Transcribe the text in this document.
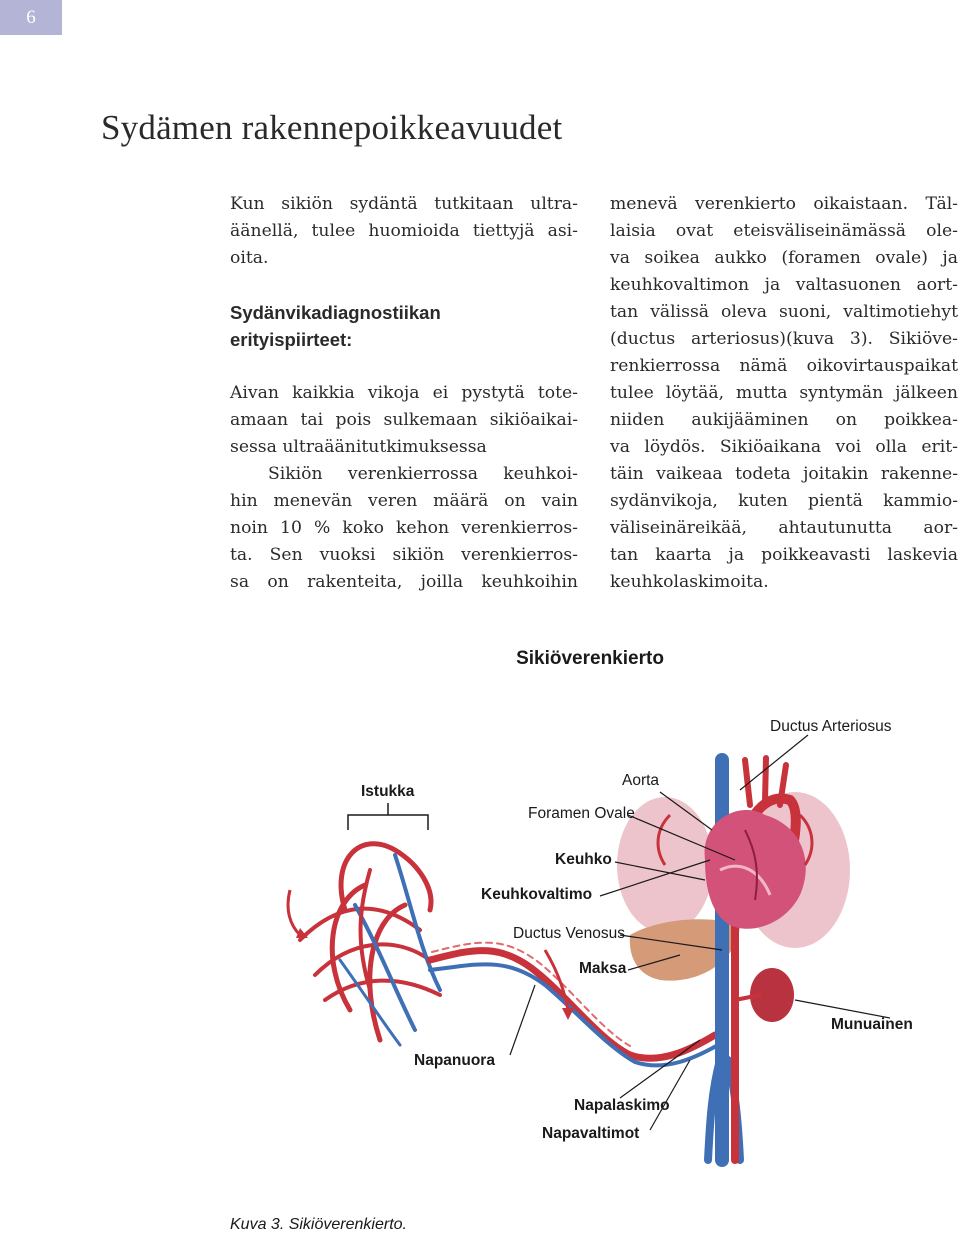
6
Sydämen rakennepoikkeavuudet
Kun sikiön sydäntä tutkitaan ultra-
äänellä, tulee huomioida tiettyjä asi-
oita.
Sydänvikadiagnostiikan
erityispiirteet:
Aivan kaikkia vikoja ei pystytä tote-
amaan tai pois sulkemaan sikiöaikai-
sessa ultraäänitutkimuksessa
Sikiön verenkierrossa keuhkoi-
hin menevän veren määrä on vain
noin 10 % koko kehon verenkierros-
ta. Sen vuoksi sikiön verenkierros-
sa on rakenteita, joilla keuhkoihin
menevä verenkierto oikaistaan. Täl-
laisia ovat eteisväliseinämässä ole-
va soikea aukko (foramen ovale) ja
keuhkovaltimon ja valtasuonen aort-
tan välissä oleva suoni, valtimotiehyt
(ductus arteriosus)(kuva 3). Sikiöve-
renkierrossa nämä oikovirtauspaikat
tulee löytää, mutta syntymän jälkeen
niiden aukijääminen on poikkea-
va löydös. Sikiöaikana voi olla erit-
täin vaikeaa todeta joitakin rakenne-
sydänvikoja, kuten pientä kammio-
väliseinäreikää, ahtautunutta aor-
tan kaarta ja poikkeavasti laskevia
keuhkolaskimoita.
Sikiöverenkierto
Ductus Arteriosus
Istukka
Aorta
Foramen Ovale
Keuhko
Keuhkovaltimo
Ductus Venosus
Maksa
Munuainen
Napanuora
Napalaskimo
Napavaltimot
Kuva 3. Sikiöverenkierto.
